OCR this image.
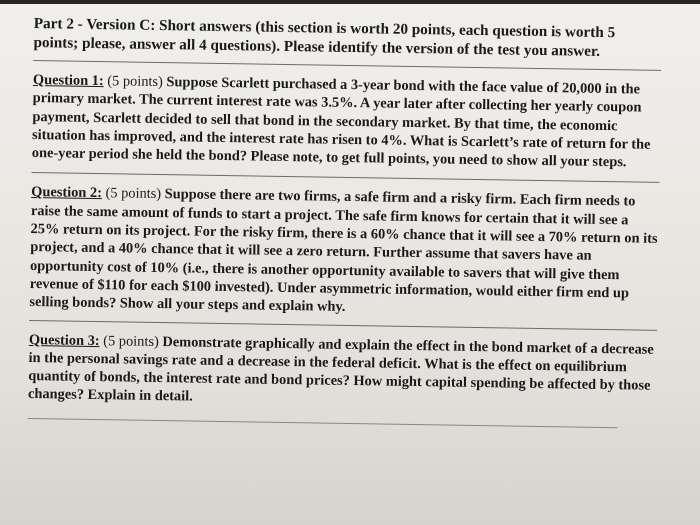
Part 2 - Version C: Short answers (this section is worth 20 points, each question is worth 5 points; please, answer all 4 questions). Please identify the version of the test you answer.

Question 1: (5 points) Suppose Scarlett purchased a 3-year bond with the face value of 20,000 in the primary market. The current interest rate was 3.5%. A year later after collecting her yearly coupon payment, Scarlett decided to sell that bond in the secondary market. By that time, the economic situation has improved, and the interest rate has risen to 4%. What is Scarlett’s rate of return for the one-year period she held the bond? Please note, to get full points, you need to show all your steps.

Question 2: (5 points) Suppose there are two firms, a safe firm and a risky firm. Each firm needs to raise the same amount of funds to start a project. The safe firm knows for certain that it will see a 25% return on its project. For the risky firm, there is a 60% chance that it will see a 70% return on its project, and a 40% chance that it will see a zero return. Further assume that savers have an opportunity cost of 10% (i.e., there is another opportunity available to savers that will give them revenue of $110 for each $100 invested). Under asymmetric information, would either firm end up selling bonds? Show all your steps and explain why.

Question 3: (5 points) Demonstrate graphically and explain the effect in the bond market of a decrease in the personal savings rate and a decrease in the federal deficit. What is the effect on equilibrium quantity of bonds, the interest rate and bond prices? How might capital spending be affected by those changes? Explain in detail.
